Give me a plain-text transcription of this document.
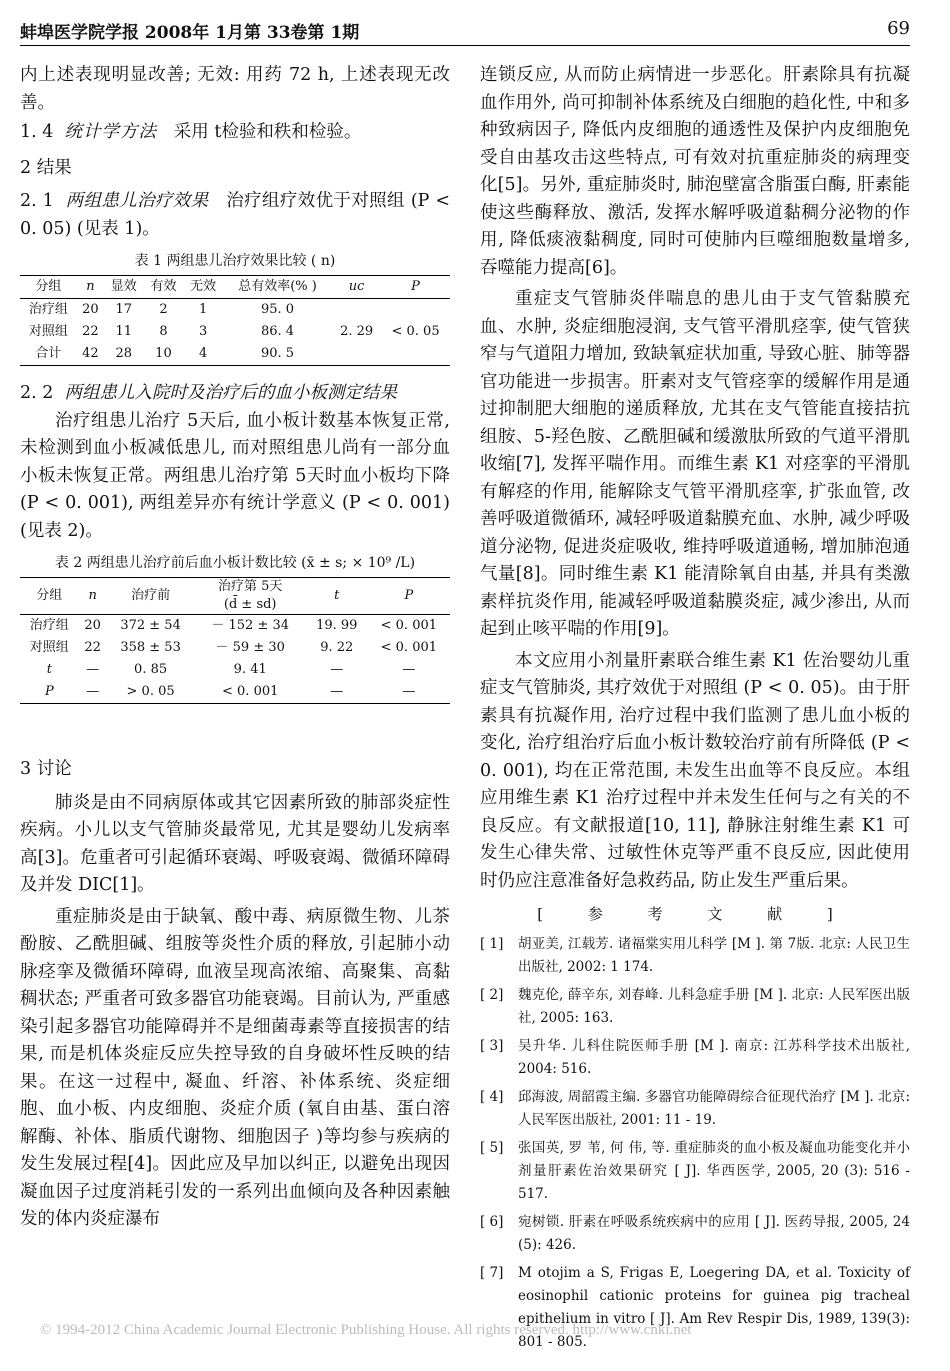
蚌埠医学院学报 2008年 1月第 33卷第 1期	69

内上述表现明显改善; 无效: 用药 72 h, 上述表现无改善。

1. 4 统计学方法 采用 t检验和秩和检验。

2 结果

2. 1 两组患儿治疗效果 治疗组疗效优于对照组 (P < 0. 05) (见表 1)。

表 1 两组患儿治疗效果比较 ( n)
分组	n	显效	有效	无效	总有效率(% )	uc	P
治疗组	20	17	2	1	95. 0	2. 29	< 0. 05
对照组	22	11	8	3	86. 4		
合计	42	28	10	4	90. 5		

2. 2 两组患儿入院时及治疗后的血小板测定结果

治疗组患儿治疗 5天后, 血小板计数基本恢复正常, 未检测到血小板减低患儿, 而对照组患儿尚有一部分血小板未恢复正常。两组患儿治疗第 5天时血小板均下降 (P < 0. 001), 两组差异亦有统计学意义 (P < 0. 001) (见表 2)。

表 2 两组患儿治疗前后血小板计数比较 (x̄ ± s; × 10⁹ /L)
分组	n	治疗前	治疗第 5天
(d̄ ± sd)	t	P
治疗组	20	372 ± 54	－ 152 ± 34	19. 99	< 0. 001
对照组	22	358 ± 53	－ 59 ± 30	9. 22	< 0. 001
t	—	0. 85	9. 41	—	—
P	—	> 0. 05	< 0. 001	—	—

3 讨论

肺炎是由不同病原体或其它因素所致的肺部炎症性疾病。小儿以支气管肺炎最常见, 尤其是婴幼儿发病率高[3]。危重者可引起循环衰竭、呼吸衰竭、微循环障碍及并发 DIC[1]。

重症肺炎是由于缺氧、酸中毒、病原微生物、儿茶酚胺、乙酰胆碱、组胺等炎性介质的释放, 引起肺小动脉痉挛及微循环障碍, 血液呈现高浓缩、高聚集、高黏稠状态; 严重者可致多器官功能衰竭。目前认为, 严重感染引起多器官功能障碍并不是细菌毒素等直接损害的结果, 而是机体炎症反应失控导致的自身破坏性反映的结果。在这一过程中, 凝血、纤溶、补体系统、炎症细胞、血小板、内皮细胞、炎症介质 (氧自由基、蛋白溶解酶、补体、脂质代谢物、细胞因子 )等均参与疾病的发生发展过程[4]。因此应及早加以纠正, 以避免出现因凝血因子过度消耗引发的一系列出血倾向及各种因素触发的体内炎症瀑布

连锁反应, 从而防止病情进一步恶化。肝素除具有抗凝血作用外, 尚可抑制补体系统及白细胞的趋化性, 中和多种致病因子, 降低内皮细胞的通透性及保护内皮细胞免受自由基攻击这些特点, 可有效对抗重症肺炎的病理变化[5]。另外, 重症肺炎时, 肺泡壁富含脂蛋白酶, 肝素能使这些酶释放、激活, 发挥水解呼吸道黏稠分泌物的作用, 降低痰液黏稠度, 同时可使肺内巨噬细胞数量增多, 吞噬能力提高[6]。

重症支气管肺炎伴喘息的患儿由于支气管黏膜充血、水肿, 炎症细胞浸润, 支气管平滑肌痉挛, 使气管狭窄与气道阻力增加, 致缺氧症状加重, 导致心脏、肺等器官功能进一步损害。肝素对支气管痉挛的缓解作用是通过抑制肥大细胞的递质释放, 尤其在支气管能直接拮抗组胺、5-羟色胺、乙酰胆碱和缓激肽所致的气道平滑肌收缩[7], 发挥平喘作用。而维生素 K1 对痉挛的平滑肌有解痉的作用, 能解除支气管平滑肌痉挛, 扩张血管, 改善呼吸道微循环, 减轻呼吸道黏膜充血、水肿, 减少呼吸道分泌物, 促进炎症吸收, 维持呼吸道通畅, 增加肺泡通气量[8]。同时维生素 K1 能清除氧自由基, 并具有类激素样抗炎作用, 能减轻呼吸道黏膜炎症, 减少渗出, 从而起到止咳平喘的作用[9]。

本文应用小剂量肝素联合维生素 K1 佐治婴幼儿重症支气管肺炎, 其疗效优于对照组 (P < 0. 05)。由于肝素具有抗凝作用, 治疗过程中我们监测了患儿血小板的变化, 治疗组治疗后血小板计数较治疗前有所降低 (P < 0. 001), 均在正常范围, 未发生出血等不良反应。本组应用维生素 K1 治疗过程中并未发生任何与之有关的不良反应。有文献报道[10, 11], 静脉注射维生素 K1 可发生心律失常、过敏性休克等严重不良反应, 因此使用时仍应注意准备好急救药品, 防止发生严重后果。

[ 参 考 文 献 ]
[ 1]	胡亚美, 江载芳. 诸福棠实用儿科学 [M ]. 第 7版. 北京: 人民卫生出版社, 2002: 1 174.
[ 2]	魏克伦, 薛辛东, 刘春峰. 儿科急症手册 [M ]. 北京: 人民军医出版社, 2005: 163.
[ 3]	吴升华. 儿科住院医师手册 [M ]. 南京: 江苏科学技术出版社, 2004: 516.
[ 4]	邱海波, 周韶霞主编. 多器官功能障碍综合征现代治疗 [M ]. 北京: 人民军医出版社, 2001: 11 - 19.
[ 5]	张国英, 罗 苇, 何 伟, 等. 重症肺炎的血小板及凝血功能变化并小剂量肝素佐治效果研究 [ J]. 华西医学, 2005, 20 (3): 516 - 517.
[ 6]	宛树锁. 肝素在呼吸系统疾病中的应用 [ J]. 医药导报, 2005, 24 (5): 426.
[ 7]	M otojim a S, Frigas E, Loegering DA, et al. Toxicity of eosinophil cationic proteins for guinea pig tracheal epithelium in vitro [ J]. Am Rev Respir Dis, 1989, 139(3): 801 - 805.
© 1994-2012 China Academic Journal Electronic Publishing House. All rights reserved. http://www.cnki.net
